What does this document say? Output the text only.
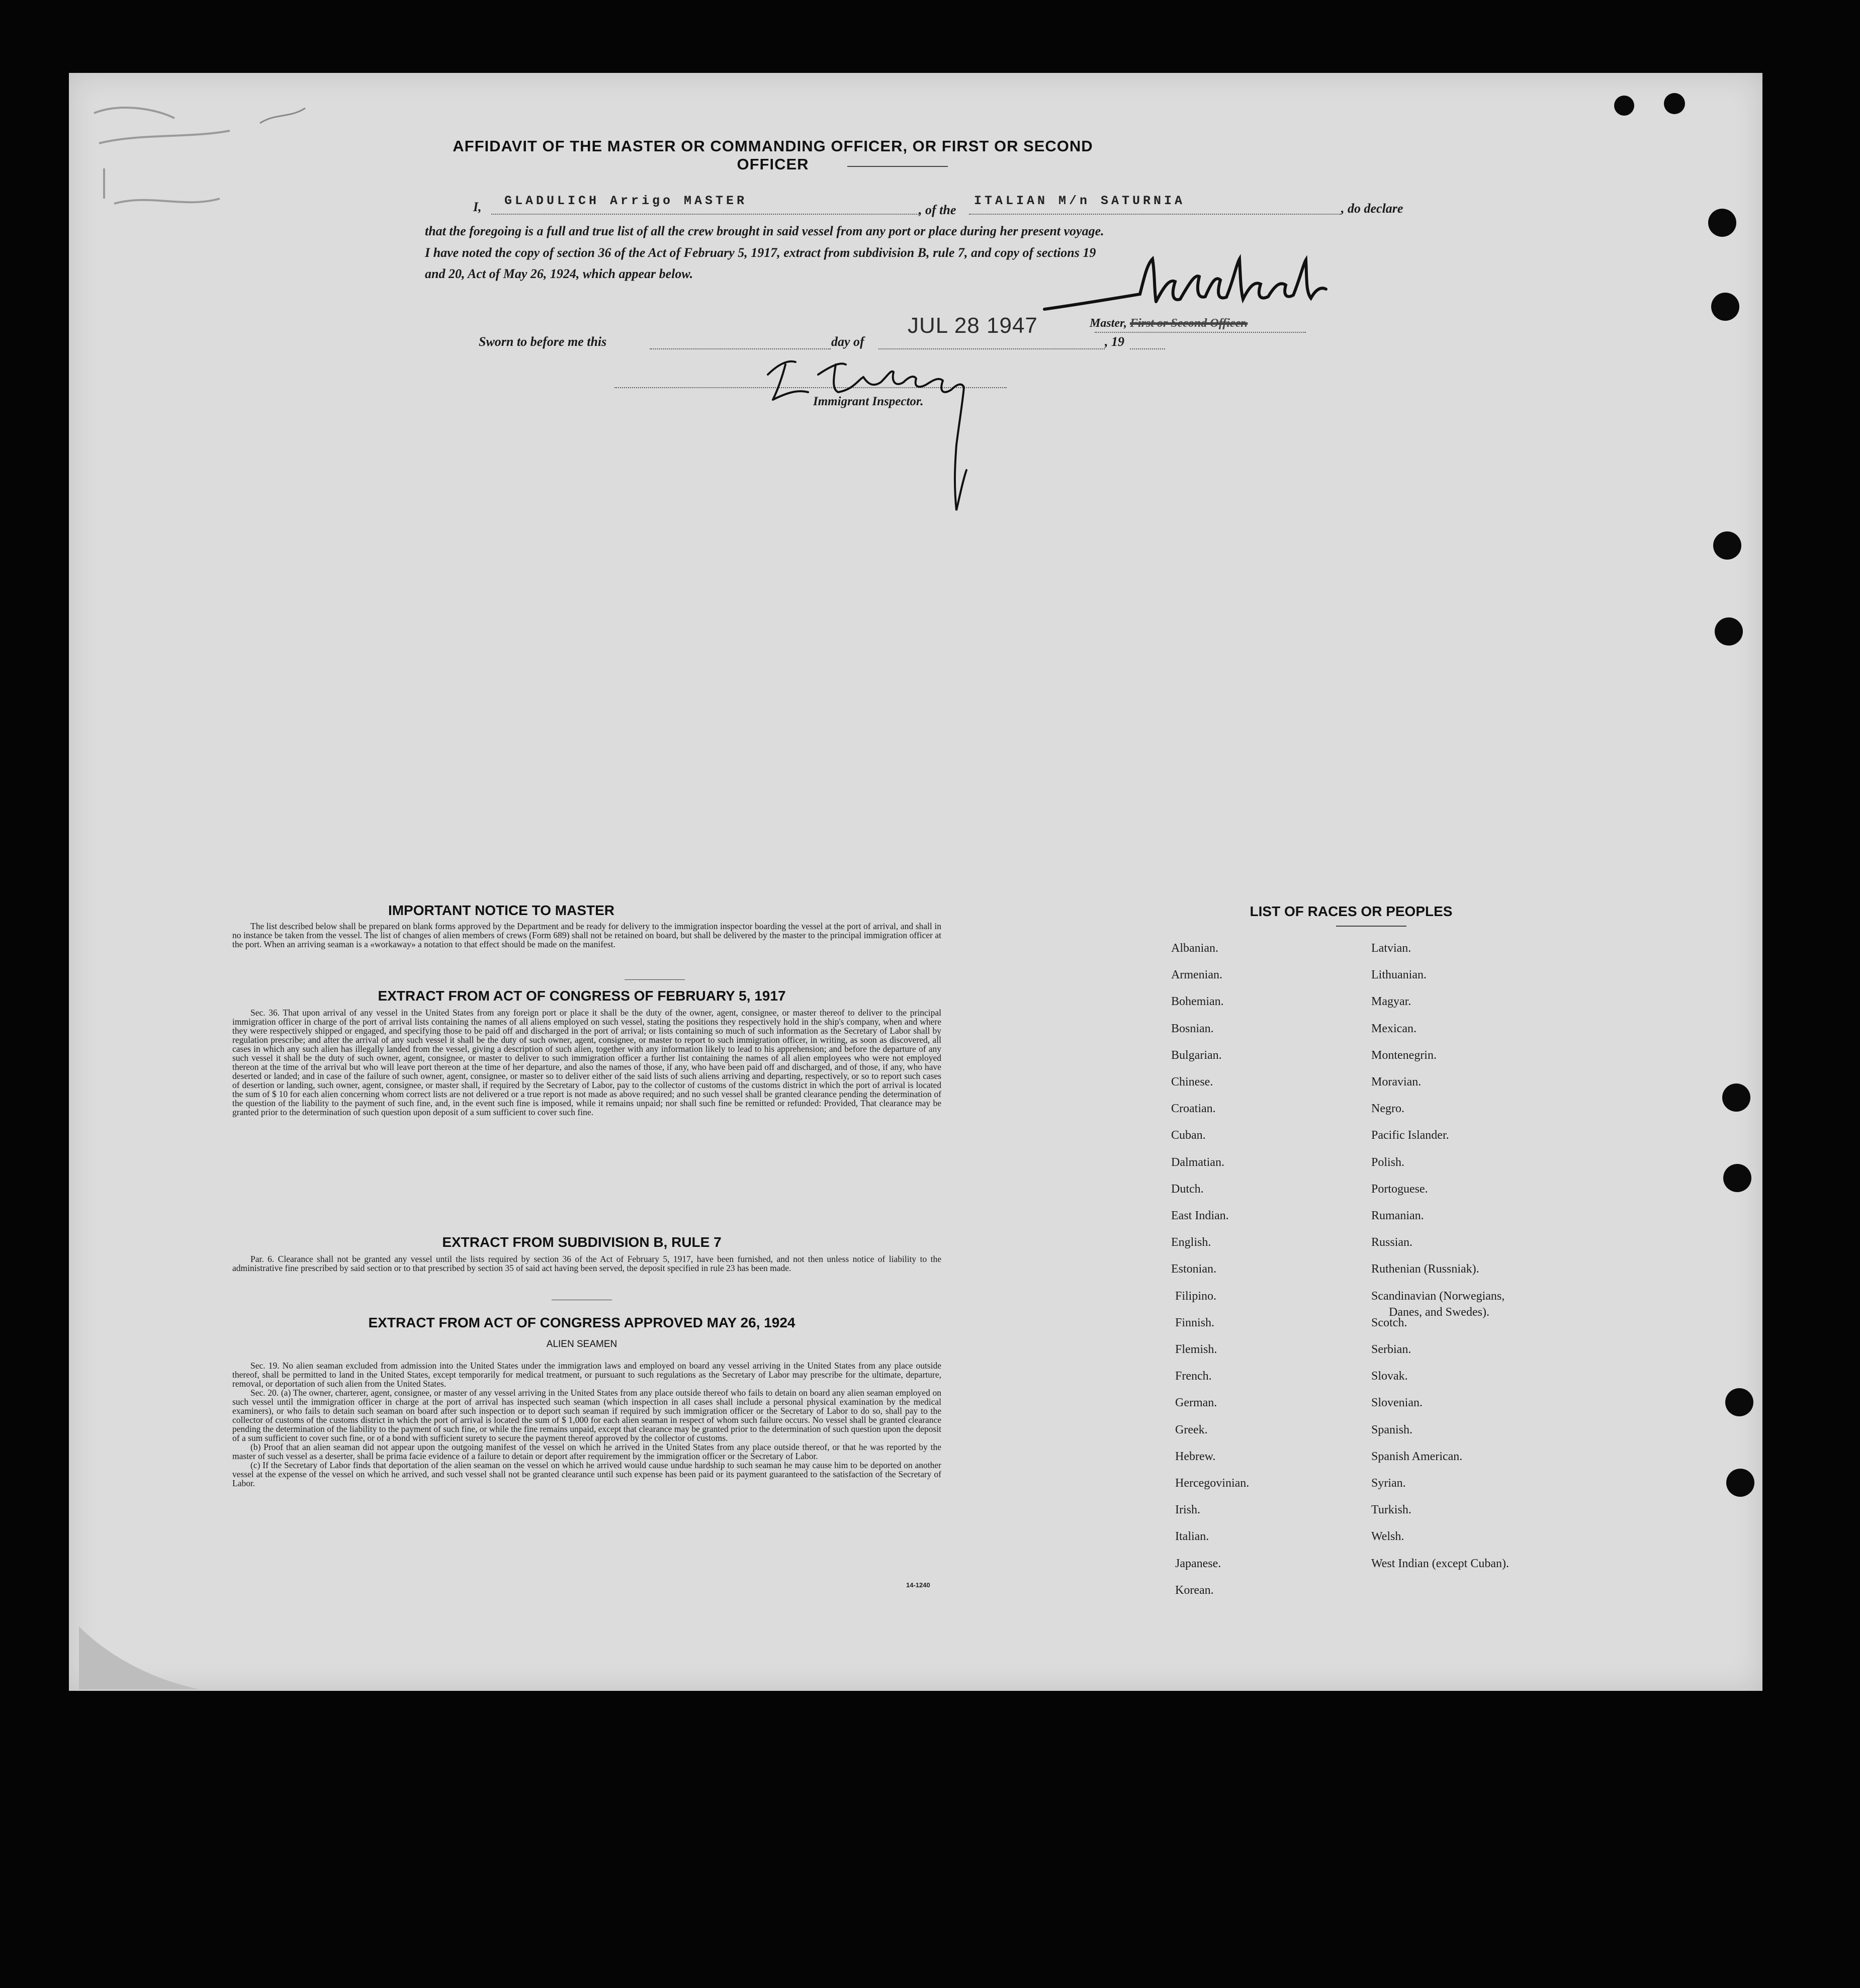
AFFIDAVIT OF THE MASTER OR COMMANDING OFFICER, OR FIRST OR SECOND OFFICER
I, GLADULICH Arrigo MASTER
, of the
ITALIAN M/n SATURNIA
, do declare
that the foregoing is a full and true list of all the crew brought in said vessel from any port or place during her present voyage.
I have noted the copy of section 36 of the Act of February 5, 1917, extract from subdivision B, rule 7, and copy of sections 19
and 20, Act of May 26, 1924, which appear below.
Sworn to before me this	day of
JUL 28 1947
, 19
Master, First or Second Officer.
Immigrant Inspector.
IMPORTANT NOTICE TO MASTER

The list described below shall be prepared on blank forms approved by the Department and be ready for delivery to the immigration inspector boarding the vessel at the port of arrival, and shall in no instance be taken from the vessel. The list of changes of alien members of crews (Form 689) shall not be retained on board, but shall be delivered by the master to the principal immigration officer at the port. When an arriving seaman is a «workaway» a notation to that effect should be made on the manifest.

EXTRACT FROM ACT OF CONGRESS OF FEBRUARY 5, 1917

Sec. 36. That upon arrival of any vessel in the United States from any foreign port or place it shall be the duty of the owner, agent, consignee, or master thereof to deliver to the principal immigration officer in charge of the port of arrival lists containing the names of all aliens employed on such vessel, stating the positions they respectively hold in the ship's company, when and where they were respectively shipped or engaged, and specifying those to be paid off and discharged in the port of arrival; or lists containing so much of such information as the Secretary of Labor shall by regulation prescribe; and after the arrival of any such vessel it shall be the duty of such owner, agent, consignee, or master to report to such immigration officer, in writing, as soon as discovered, all cases in which any such alien has illegally landed from the vessel, giving a description of such alien, together with any information likely to lead to his apprehension; and before the departure of any such vessel it shall be the duty of such owner, agent, consignee, or master to deliver to such immigration officer a further list containing the names of all alien employees who were not employed thereon at the time of the arrival but who will leave port thereon at the time of her departure, and also the names of those, if any, who have been paid off and discharged, and of those, if any, who have deserted or landed; and in case of the failure of such owner, agent, consignee, or master so to deliver either of the said lists of such aliens arriving and departing, respectively, or so to report such cases of desertion or landing, such owner, agent, consignee, or master shall, if required by the Secretary of Labor, pay to the collector of customs of the customs district in which the port of arrival is located the sum of $ 10 for each alien concerning whom correct lists are not delivered or a true report is not made as above required; and no such vessel shall be granted clearance pending the determination of the question of the liability to the payment of such fine, and, in the event such fine is imposed, while it remains unpaid; nor shall such fine be remitted or refunded: Provided, That clearance may be granted prior to the determination of such question upon deposit of a sum sufficient to cover such fine.

EXTRACT FROM SUBDIVISION B, RULE 7

Par. 6. Clearance shall not be granted any vessel until the lists required by section 36 of the Act of February 5, 1917, have been furnished, and not then unless notice of liability to the administrative fine prescribed by said section or to that prescribed by section 35 of said act having been served, the deposit specified in rule 23 has been made.

EXTRACT FROM ACT OF CONGRESS APPROVED MAY 26, 1924
ALIEN SEAMEN

Sec. 19. No alien seaman excluded from admission into the United States under the immigration laws and employed on board any vessel arriving in the United States from any place outside thereof, shall be permitted to land in the United States, except temporarily for medical treatment, or pursuant to such regulations as the Secretary of Labor may prescribe for the ultimate, departure, removal, or deportation of such alien from the United States.

Sec. 20. (a) The owner, charterer, agent, consignee, or master of any vessel arriving in the United States from any place outside thereof who fails to detain on board any alien seaman employed on such vessel until the immigration officer in charge at the port of arrival has inspected such seaman (which inspection in all cases shall include a personal physical examination by the medical examiners), or who fails to detain such seaman on board after such inspection or to deport such seaman if required by such immigration officer or the Secretary of Labor to do so, shall pay to the collector of customs of the customs district in which the port of arrival is located the sum of $ 1,000 for each alien seaman in respect of whom such failure occurs. No vessel shall be granted clearance pending the determination of the liability to the payment of such fine, or while the fine remains unpaid, except that clearance may be granted prior to the determination of such question upon the deposit of a sum sufficient to cover such fine, or of a bond with sufficient surety to secure the payment thereof approved by the collector of customs.

(b) Proof that an alien seaman did not appear upon the outgoing manifest of the vessel on which he arrived in the United States from any place outside thereof, or that he was reported by the master of such vessel as a deserter, shall be prima facie evidence of a failure to detain or deport after requirement by the immigration officer or the Secretary of Labor.

(c) If the Secretary of Labor finds that deportation of the alien seaman on the vessel on which he arrived would cause undue hardship to such seaman he may cause him to be deported on another vessel at the expense of the vessel on which he arrived, and such vessel shall not be granted clearance until such expense has been paid or its payment guaranteed to the satisfaction of the Secretary of Labor.

14-1240
LIST OF RACES OR PEOPLES
Albanian.
Armenian.
Bohemian.
Bosnian.
Bulgarian.
Chinese.
Croatian.
Cuban.
Dalmatian.
Dutch.
East Indian.
English.
Estonian.
Filipino.
Finnish.
Flemish.
French.
German.
Greek.
Hebrew.
Hercegovinian.
Irish.
Italian.
Japanese.
Korean.
Latvian.
Lithuanian.
Magyar.
Mexican.
Montenegrin.
Moravian.
Negro.
Pacific Islander.
Polish.
Portoguese.
Rumanian.
Russian.
Ruthenian (Russniak).
Scandinavian (Norwegians,
Danes, and Swedes).
Scotch.
Serbian.
Slovak.
Slovenian.
Spanish.
Spanish American.
Syrian.
Turkish.
Welsh.
West Indian (except Cuban).
